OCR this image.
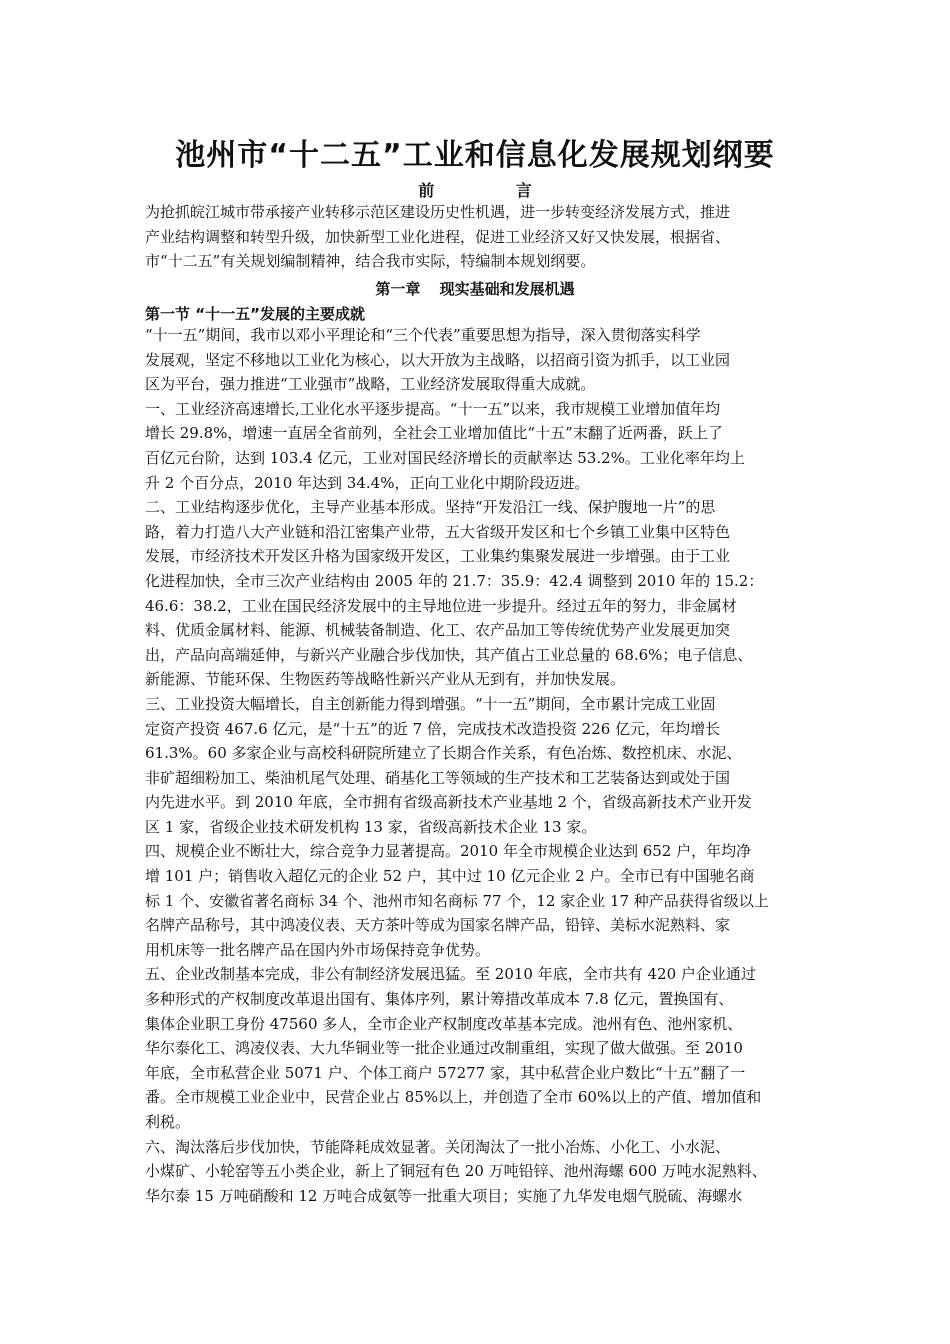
池州市“十二五”工业和信息化发展规划纲要
前 言
为抢抓皖江城市带承接产业转移示范区建设历史性机遇，进一步转变经济发展方式，推进
产业结构调整和转型升级，加快新型工业化进程，促进工业经济又好又快发展，根据省、
市“十二五”有关规划编制精神，结合我市实际，特编制本规划纲要。
第一章 现实基础和发展机遇
第一节 “十一五”发展的主要成就
“十一五”期间，我市以邓小平理论和“三个代表”重要思想为指导，深入贯彻落实科学
发展观，坚定不移地以工业化为核心，以大开放为主战略，以招商引资为抓手，以工业园
区为平台，强力推进“工业强市”战略，工业经济发展取得重大成就。
一、工业经济高速增长,工业化水平逐步提高。“十一五”以来，我市规模工业增加值年均
增长 29.8%，增速一直居全省前列，全社会工业增加值比“十五”末翻了近两番，跃上了
百亿元台阶，达到 103.4 亿元，工业对国民经济增长的贡献率达 53.2%。工业化率年均上
升 2 个百分点，2010 年达到 34.4%，正向工业化中期阶段迈进。
二、工业结构逐步优化，主导产业基本形成。坚持“开发沿江一线、保护腹地一片”的思
路，着力打造八大产业链和沿江密集产业带，五大省级开发区和七个乡镇工业集中区特色
发展，市经济技术开发区升格为国家级开发区，工业集约集聚发展进一步增强。由于工业
化进程加快，全市三次产业结构由 2005 年的 21.7：35.9：42.4 调整到 2010 年的 15.2：
46.6：38.2，工业在国民经济发展中的主导地位进一步提升。经过五年的努力，非金属材
料、优质金属材料、能源、机械装备制造、化工、农产品加工等传统优势产业发展更加突
出，产品向高端延伸，与新兴产业融合步伐加快，其产值占工业总量的 68.6%；电子信息、
新能源、节能环保、生物医药等战略性新兴产业从无到有，并加快发展。
三、工业投资大幅增长，自主创新能力得到增强。“十一五”期间，全市累计完成工业固
定资产投资 467.6 亿元，是“十五”的近 7 倍，完成技术改造投资 226 亿元，年均增长
61.3%。60 多家企业与高校科研院所建立了长期合作关系，有色冶炼、数控机床、水泥、
非矿超细粉加工、柴油机尾气处理、硝基化工等领域的生产技术和工艺装备达到或处于国
内先进水平。到 2010 年底，全市拥有省级高新技术产业基地 2 个，省级高新技术产业开发
区 1 家，省级企业技术研发机构 13 家，省级高新技术企业 13 家。
四、规模企业不断壮大，综合竞争力显著提高。2010 年全市规模企业达到 652 户，年均净
增 101 户；销售收入超亿元的企业 52 户，其中过 10 亿元企业 2 户。全市已有中国驰名商
标 1 个、安徽省著名商标 34 个、池州市知名商标 77 个，12 家企业 17 种产品获得省级以上
名牌产品称号，其中鸿凌仪表、天方茶叶等成为国家名牌产品，铅锌、美标水泥熟料、家
用机床等一批名牌产品在国内外市场保持竞争优势。
五、企业改制基本完成，非公有制经济发展迅猛。至 2010 年底，全市共有 420 户企业通过
多种形式的产权制度改革退出国有、集体序列，累计筹措改革成本 7.8 亿元，置换国有、
集体企业职工身份 47560 多人，全市企业产权制度改革基本完成。池州有色、池州家机、
华尔泰化工、鸿凌仪表、大九华铜业等一批企业通过改制重组，实现了做大做强。至 2010
年底，全市私营企业 5071 户、个体工商户 57277 家，其中私营企业户数比“十五”翻了一
番。全市规模工业企业中，民营企业占 85%以上，并创造了全市 60%以上的产值、增加值和
利税。
六、淘汰落后步伐加快，节能降耗成效显著。关闭淘汰了一批小冶炼、小化工、小水泥、
小煤矿、小轮窑等五小类企业，新上了铜冠有色 20 万吨铅锌、池州海螺 600 万吨水泥熟料、
华尔泰 15 万吨硝酸和 12 万吨合成氨等一批重大项目；实施了九华发电烟气脱硫、海螺水
